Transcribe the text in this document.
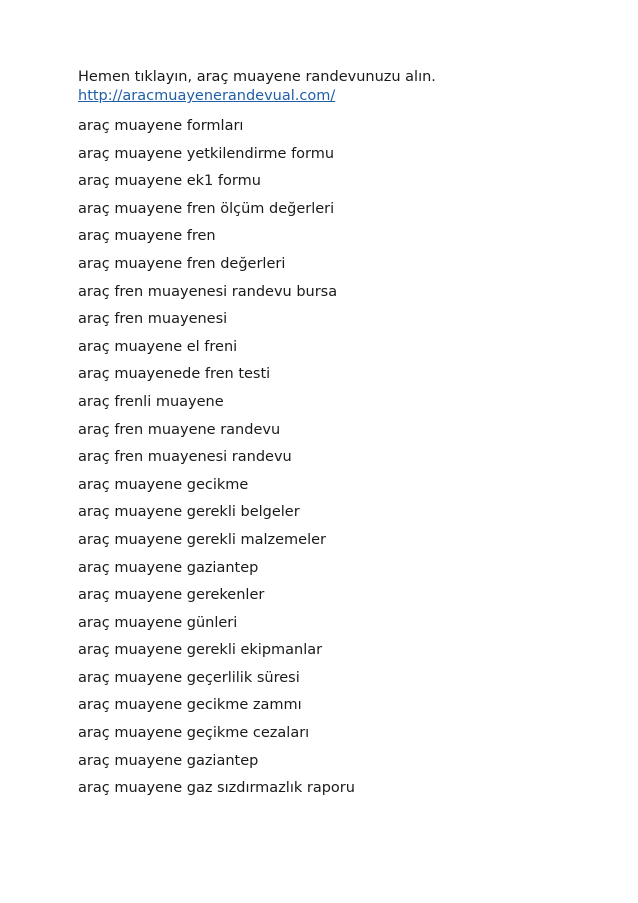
Hemen tıklayın, araç muayene randevunuzu alın.

http://aracmuayenerandevual.com/
araç muayene formları
araç muayene yetkilendirme formu
araç muayene ek1 formu
araç muayene fren ölçüm değerleri
araç muayene fren
araç muayene fren değerleri
araç fren muayenesi randevu bursa
araç fren muayenesi
araç muayene el freni
araç muayenede fren testi
araç frenli muayene
araç fren muayene randevu
araç fren muayenesi randevu
araç muayene gecikme
araç muayene gerekli belgeler
araç muayene gerekli malzemeler
araç muayene gaziantep
araç muayene gerekenler
araç muayene günleri
araç muayene gerekli ekipmanlar
araç muayene geçerlilik süresi
araç muayene gecikme zammı
araç muayene geçikme cezaları
araç muayene gaziantep
araç muayene gaz sızdırmazlık raporu
